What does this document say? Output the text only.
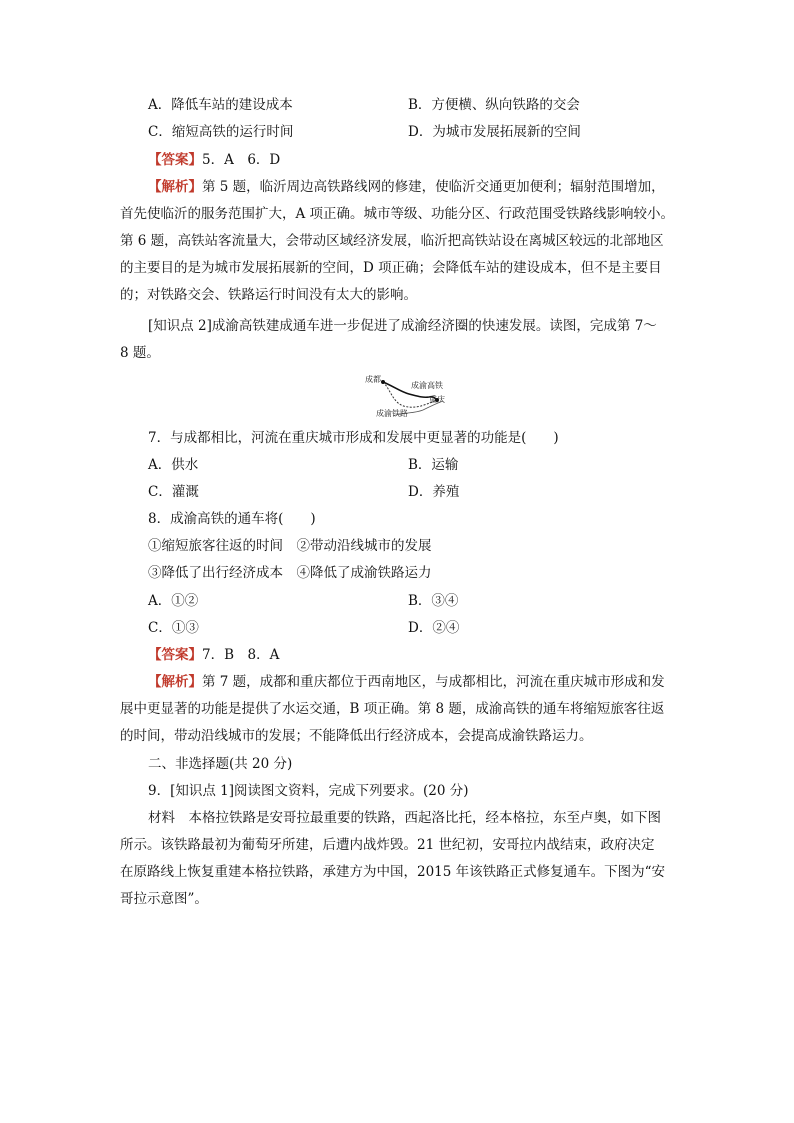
A．降低车站的建设成本	B．方便横、纵向铁路的交会
C．缩短高铁的运行时间	D．为城市发展拓展新的空间
【答案】5．A　6．D
【解析】第 5 题，临沂周边高铁路线网的修建，使临沂交通更加便利；辐射范围增加，
首先使临沂的服务范围扩大，A 项正确。城市等级、功能分区、行政范围受铁路线影响较小。
第 6 题，高铁站客流量大，会带动区域经济发展，临沂把高铁站设在离城区较远的北部地区
的主要目的是为城市发展拓展新的空间，D 项正确；会降低车站的建设成本，但不是主要目
的；对铁路交会、铁路运行时间没有太大的影响。
[知识点 2]成渝高铁建成通车进一步促进了成渝经济圈的快速发展。读图，完成第 7～
8 题。
成都
成渝高铁
重庆
成渝铁路
7．与成都相比，河流在重庆城市形成和发展中更显著的功能是(　　)
A．供水	B．运输
C．灌溉	D．养殖
8．成渝高铁的通车将(　　)
①缩短旅客往返的时间　②带动沿线城市的发展
③降低了出行经济成本　④降低了成渝铁路运力
A．①②	B．③④
C．①③	D．②④
【答案】7．B　8．A
【解析】第 7 题，成都和重庆都位于西南地区，与成都相比，河流在重庆城市形成和发
展中更显著的功能是提供了水运交通，B 项正确。第 8 题，成渝高铁的通车将缩短旅客往返
的时间，带动沿线城市的发展；不能降低出行经济成本，会提高成渝铁路运力。
二、非选择题(共 20 分)
9．[知识点 1]阅读图文资料，完成下列要求。(20 分)
材料　本格拉铁路是安哥拉最重要的铁路，西起洛比托，经本格拉，东至卢奥，如下图
所示。该铁路最初为葡萄牙所建，后遭内战炸毁。21 世纪初，安哥拉内战结束，政府决定
在原路线上恢复重建本格拉铁路，承建方为中国，2015 年该铁路正式修复通车。下图为“安
哥拉示意图”。
